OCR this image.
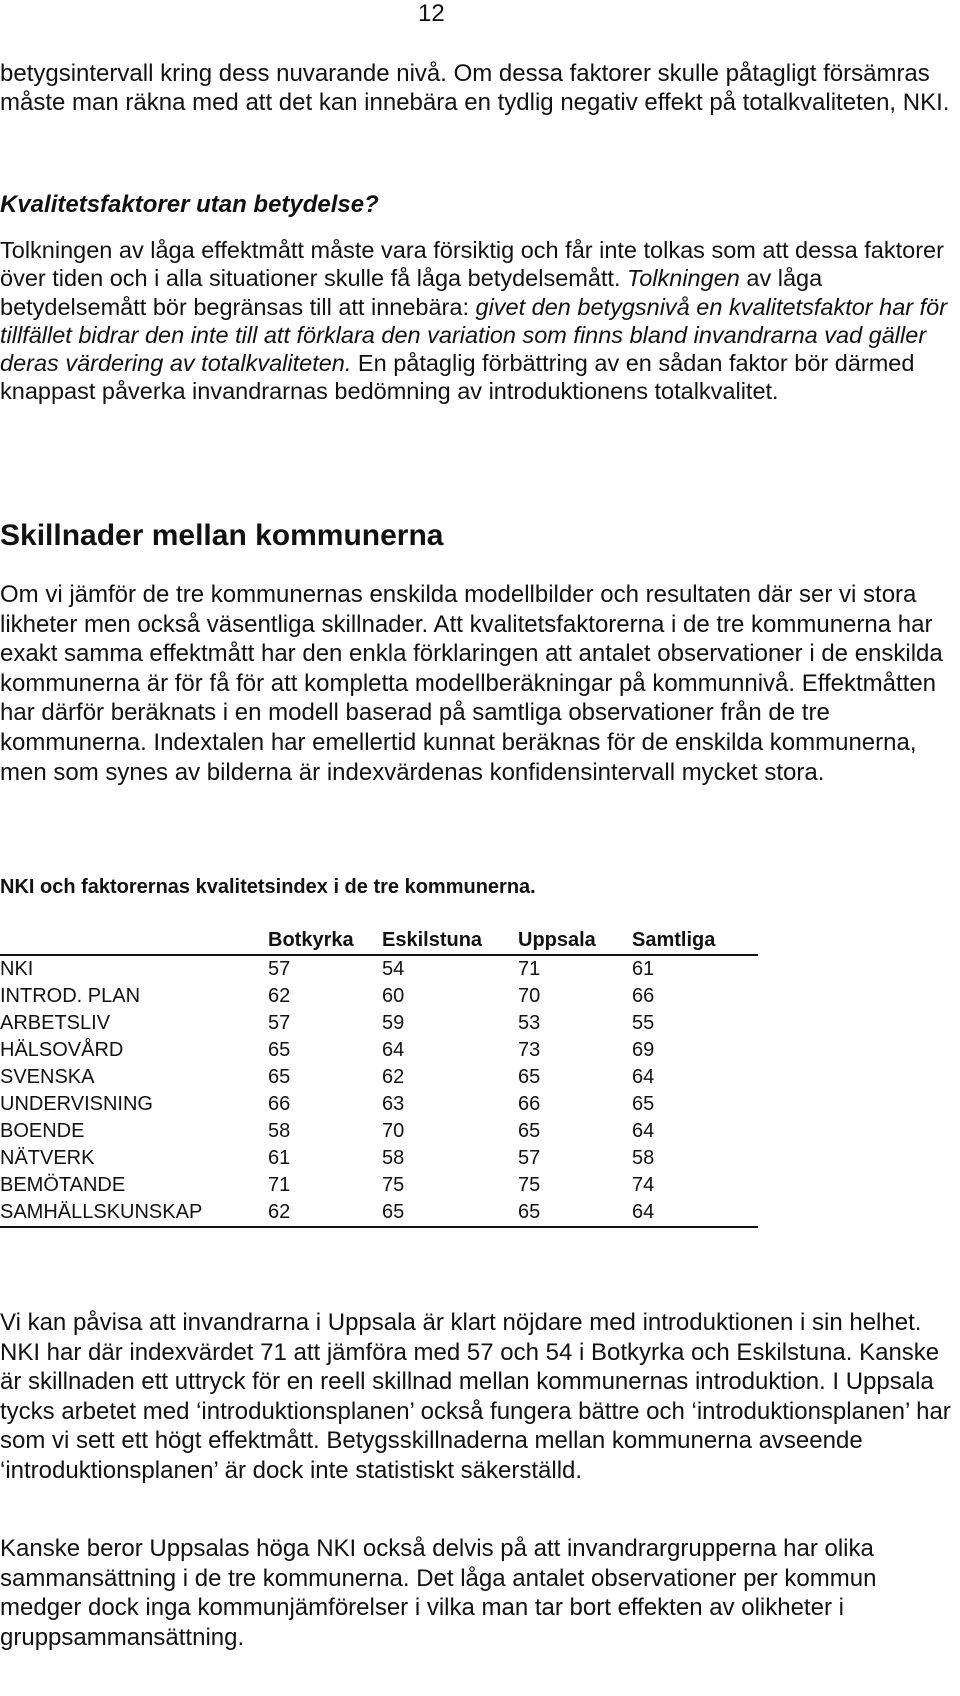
12
betygsintervall kring dess nuvarande nivå. Om dessa faktorer skulle påtagligt försämras måste man räkna med att det kan innebära en tydlig negativ effekt på totalkvaliteten, NKI.
Kvalitetsfaktorer utan betydelse?
Tolkningen av låga effektmått måste vara försiktig och får inte tolkas som att dessa faktorer över tiden och i alla situationer skulle få låga betydelsemått. Tolkningen av låga betydelsemått bör begränsas till att innebära: givet den betygsnivå en kvalitetsfaktor har för tillfället bidrar den inte till att förklara den variation som finns bland invandrarna vad gäller deras värdering av totalkvaliteten. En påtaglig förbättring av en sådan faktor bör därmed knappast påverka invandrarnas bedömning av introduktionens totalkvalitet.
Skillnader mellan kommunerna
Om vi jämför de tre kommunernas enskilda modellbilder och resultaten där ser vi stora likheter men också väsentliga skillnader. Att kvalitetsfaktorerna i de tre kommunerna har exakt samma effektmått har den enkla förklaringen att antalet observationer i de enskilda kommunerna är för få för att kompletta modellberäkningar på kommunnivå. Effektmåtten har därför beräknats i en modell baserad på samtliga observationer från de tre kommunerna. Indextalen har emellertid kunnat beräknas för de enskilda kommunerna, men som synes av bilderna är indexvärdenas konfidensintervall mycket stora.
NKI och faktorernas kvalitetsindex i de tre kommunerna.
	Botkyrka	Eskilstuna	Uppsala	Samtliga
NKI	57	54	71	61
INTROD. PLAN	62	60	70	66
ARBETSLIV	57	59	53	55
HÄLSOVÅRD	65	64	73	69
SVENSKA	65	62	65	64
UNDERVISNING	66	63	66	65
BOENDE	58	70	65	64
NÄTVERK	61	58	57	58
BEMÖTANDE	71	75	75	74
SAMHÄLLSKUNSKAP	62	65	65	64
Vi kan påvisa att invandrarna i Uppsala är klart nöjdare med introduktionen i sin helhet. NKI har där indexvärdet 71 att jämföra med 57 och 54 i Botkyrka och Eskilstuna. Kanske är skillnaden ett uttryck för en reell skillnad mellan kommunernas introduktion. I Uppsala tycks arbetet med ‘introduktionsplanen’ också fungera bättre och ‘introduktionsplanen’ har som vi sett ett högt effektmått. Betygsskillnaderna mellan kommunerna avseende ‘introduktionsplanen’ är dock inte statistiskt säkerställd.
Kanske beror Uppsalas höga NKI också delvis på att invandrargrupperna har olika sammansättning i de tre kommunerna. Det låga antalet observationer per kommun medger dock inga kommunjämförelser i vilka man tar bort effekten av olikheter i gruppsammansättning.
